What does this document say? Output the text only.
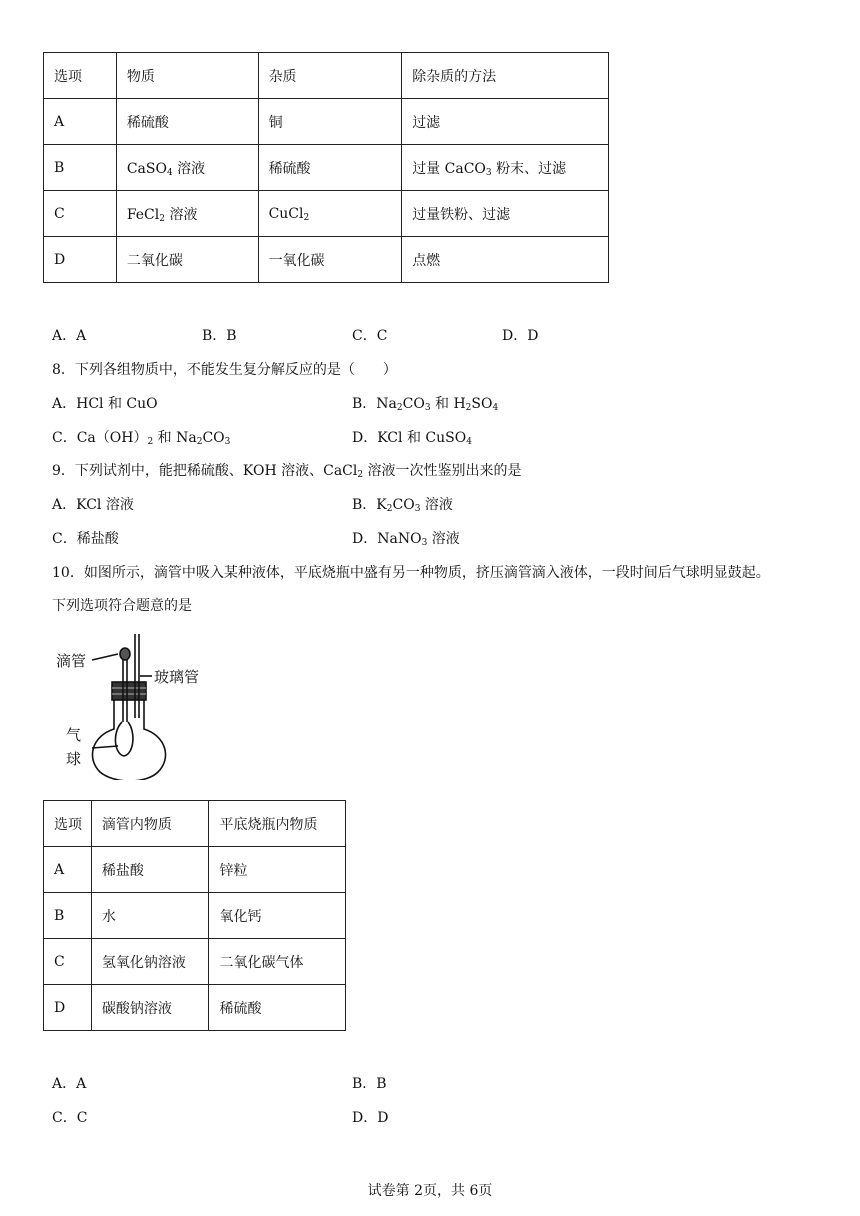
选项	物质	杂质	除杂质的方法
A	稀硫酸	铜	过滤
B	CaSO$_4$ 溶液	稀硫酸	过量 CaCO$_3$ 粉末、过滤
C	FeCl$_2$ 溶液	CuCl$_2$	过量铁粉、过滤
D	二氧化碳	一氧化碳	点燃
A．A	B．B	C．C	D．D
8．下列各组物质中，不能发生复分解反应的是（　　）
A．HCl 和 CuO	B．$Na_2CO_3$ 和 $H_2SO_4$
C．$Ca(OH)_2$ 和 $Na_2CO_3$	D．KCl 和 CuSO$_4$
9．下列试剂中，能把稀硫酸、KOH 溶液、CaCl$_2$ 溶液一次性鉴别出来的是
A．KCl 溶液	B．$K_2CO_3$ 溶液
C．稀盐酸	D．NaNO$_3$ 溶液
10．如图所示，滴管中吸入某种液体，平底烧瓶中盛有另一种物质，挤压滴管滴入液体，一段时间后气球明显鼓起。
下列选项符合题意的是
滴管
玻璃管
气
球
选项	滴管内物质	平底烧瓶内物质
A	稀盐酸	锌粒
B	水	氧化钙
C	氢氧化钠溶液	二氧化碳气体
D	碳酸钠溶液	稀硫酸
A．A	B．B
C．C	D．D
试卷第 2页，共 6页
